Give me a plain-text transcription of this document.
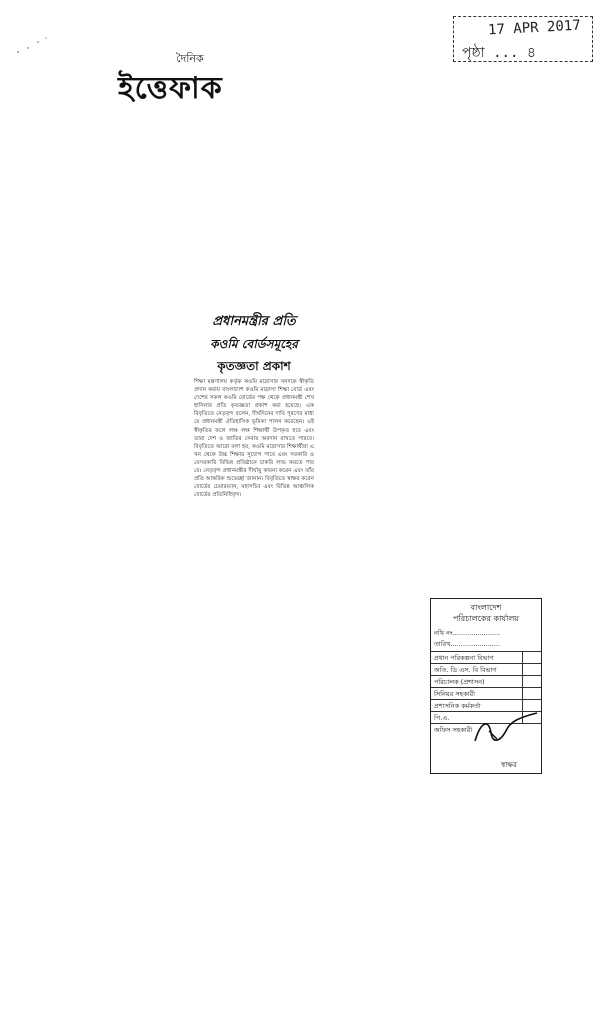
দৈনিক
ইত্তেফাক
17 APR 2017
পৃষ্ঠা ... ৪
প্রধানমন্ত্রীর প্রতি
কওমি বোর্ডসমূহের
কৃতজ্ঞতা প্রকাশ
শিক্ষা মন্ত্রণালয় কর্তৃক কওমি মাদ্রাসার সনদকে স্বীকৃতি প্রদান করায় বাংলাদেশ কওমি মাদ্রাসা শিক্ষা বোর্ড এবং দেশের সকল কওমি বোর্ডের পক্ষ থেকে প্রধানমন্ত্রী শেখ হাসিনার প্রতি কৃতজ্ঞতা প্রকাশ করা হয়েছে। এক বিবৃতিতে নেতৃবৃন্দ বলেন, দীর্ঘদিনের দাবি পূরণের মাধ্যমে প্রধানমন্ত্রী ঐতিহাসিক ভূমিকা পালন করেছেন। এই স্বীকৃতির ফলে লক্ষ লক্ষ শিক্ষার্থী উপকৃত হবে এবং তারা দেশ ও জাতির সেবায় অবদান রাখতে পারবে। বিবৃতিতে আরো বলা হয়, কওমি মাদ্রাসার শিক্ষার্থীরা এখন থেকে উচ্চ শিক্ষার সুযোগ পাবে এবং সরকারি ও বেসরকারি বিভিন্ন প্রতিষ্ঠানে চাকরি লাভ করতে পারবে। নেতৃবৃন্দ প্রধানমন্ত্রীর দীর্ঘায়ু কামনা করেন এবং তাঁর প্রতি আন্তরিক শুভেচ্ছা জানান। বিবৃতিতে স্বাক্ষর করেন বোর্ডের চেয়ারম্যান, মহাসচিব এবং বিভিন্ন আঞ্চলিক বোর্ডের প্রতিনিধিবৃন্দ।
বাংলাদেশ
পরিচালকের কার্যালয়
নথি নং.......................
তারিখ........................
প্রধান পরিকল্পনা বিভাগ
অতি. ডি এস. বি বিভাগ
পরিচালক (প্রশাসন)
সিনিয়র সহকারী
প্রশাসনিক কর্মকর্তা
পি.এ.
অফিস সহকারী
স্বাক্ষর
